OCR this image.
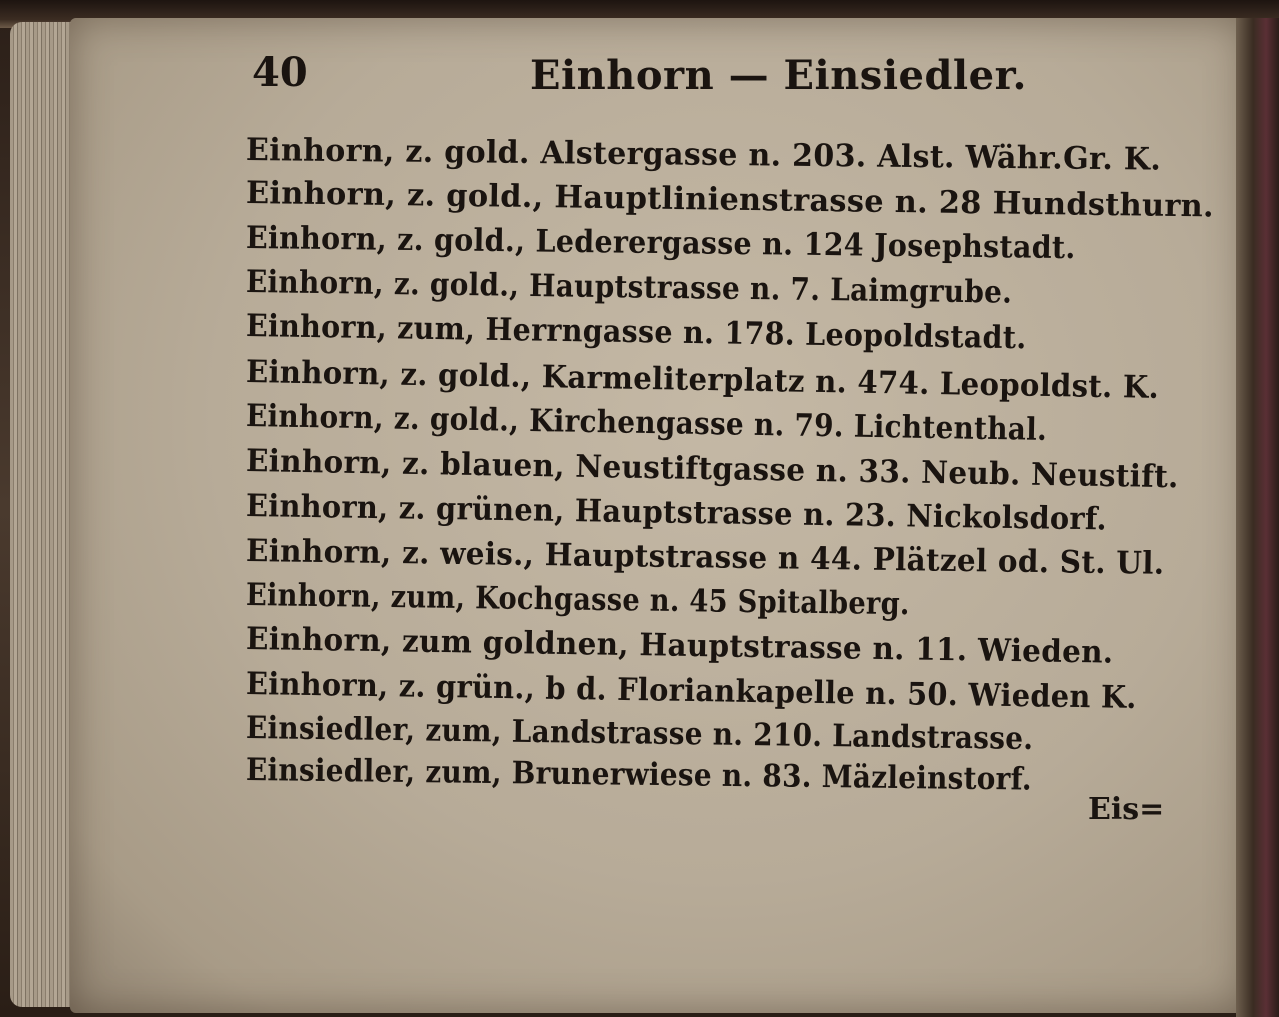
40	Einhorn — Einsiedler.
Einhorn, z. gold. Alstergasse n. 203. Alst. Währ.Gr. K.
Einhorn, z. gold., Hauptlinienstrasse n. 28 Hundsthurn.
Einhorn, z. gold., Lederergasse n. 124 Josephstadt.
Einhorn, z. gold., Hauptstrasse n. 7. Laimgrube.
Einhorn, zum, Herrngasse n. 178. Leopoldstadt.
Einhorn, z. gold., Karmeliterplatz n. 474. Leopoldst. K.
Einhorn, z. gold., Kirchengasse n. 79. Lichtenthal.
Einhorn, z. blauen, Neustiftgasse n. 33. Neub. Neustift.
Einhorn, z. grünen, Hauptstrasse n. 23. Nickolsdorf.
Einhorn, z. weis., Hauptstrasse n 44. Plätzel od. St. Ul.
Einhorn, zum, Kochgasse n. 45 Spitalberg.
Einhorn, zum goldnen, Hauptstrasse n. 11. Wieden.
Einhorn, z. grün., b d. Floriankapelle n. 50. Wieden K.
Einsiedler, zum, Landstrasse n. 210. Landstrasse.
Einsiedler, zum, Brunerwiese n. 83. Mäzleinstorf.
Eis=
